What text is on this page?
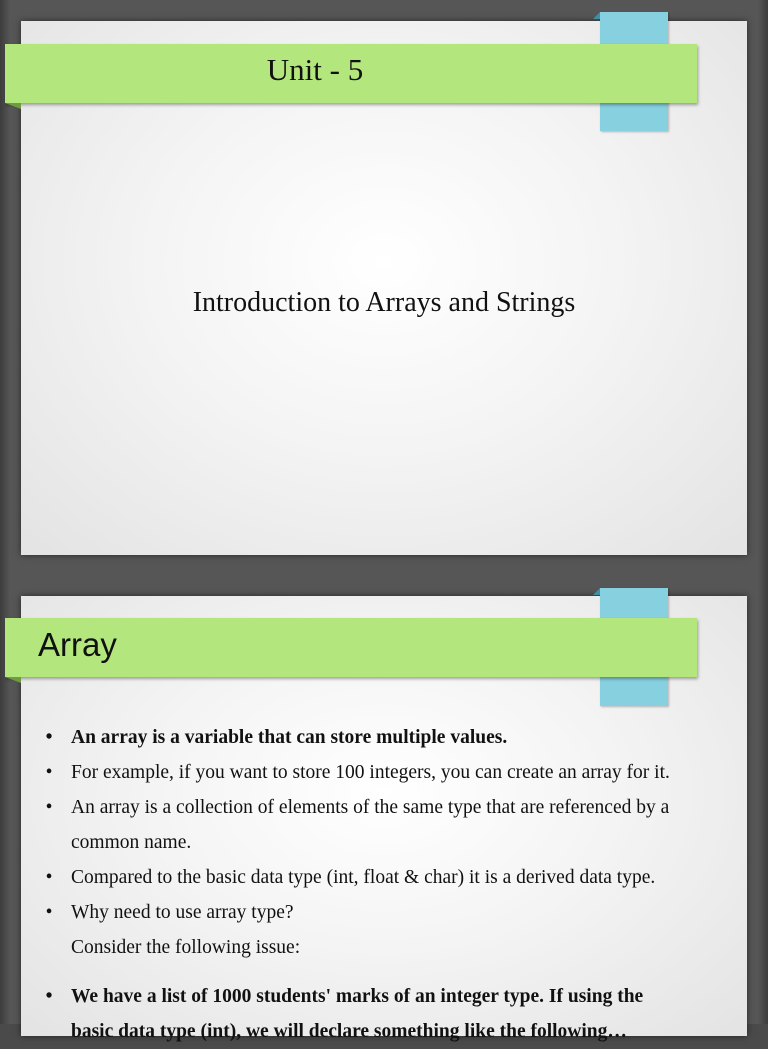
Unit - 5
Introduction to Arrays and Strings
Array
• An array is a variable that can store multiple values.
• For example, if you want to store 100 integers, you can create an array for it.
• An array is a collection of elements of the same type that are referenced by a
common name.
• Compared to the basic data type (int, float & char) it is a derived data type.
• Why need to use array type?
Consider the following issue:
• We have a list of 1000 students' marks of an integer type. If using the
basic data type (int), we will declare something like the following…
